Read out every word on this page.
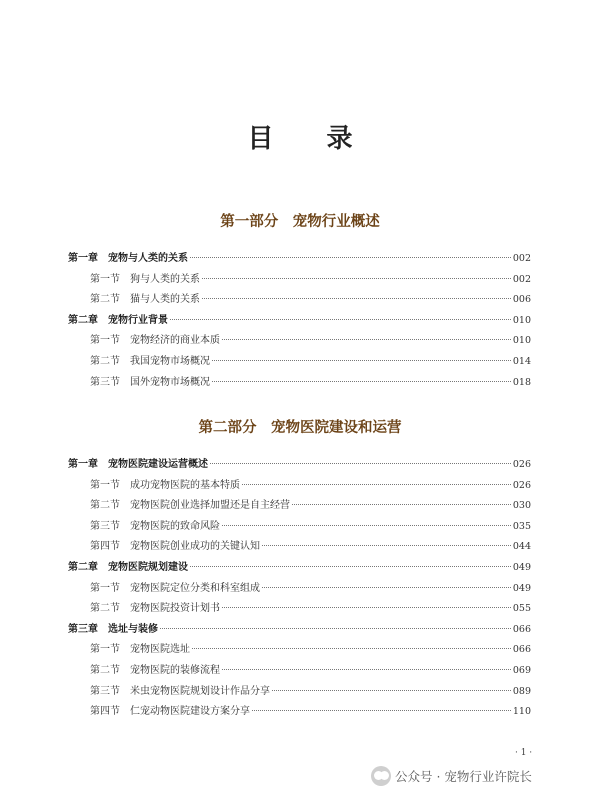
目 录
第一部分　宠物行业概述
第一章 宠物与人类的关系	002
第一节 狗与人类的关系	002
第二节 猫与人类的关系	006
第二章 宠物行业背景	010
第一节 宠物经济的商业本质	010
第二节 我国宠物市场概况	014
第三节 国外宠物市场概况	018
第二部分　宠物医院建设和运营
第一章 宠物医院建设运营概述	026
第一节 成功宠物医院的基本特质	026
第二节 宠物医院创业选择加盟还是自主经营	030
第三节 宠物医院的致命风险	035
第四节 宠物医院创业成功的关键认知	044
第二章 宠物医院规划建设	049
第一节 宠物医院定位分类和科室组成	049
第二节 宠物医院投资计划书	055
第三章 选址与装修	066
第一节 宠物医院选址	066
第二节 宠物医院的装修流程	069
第三节 米虫宠物医院规划设计作品分享	089
第四节 仁宠动物医院建设方案分享	110
· 1 ·
公众号 · 宠物行业许院长
